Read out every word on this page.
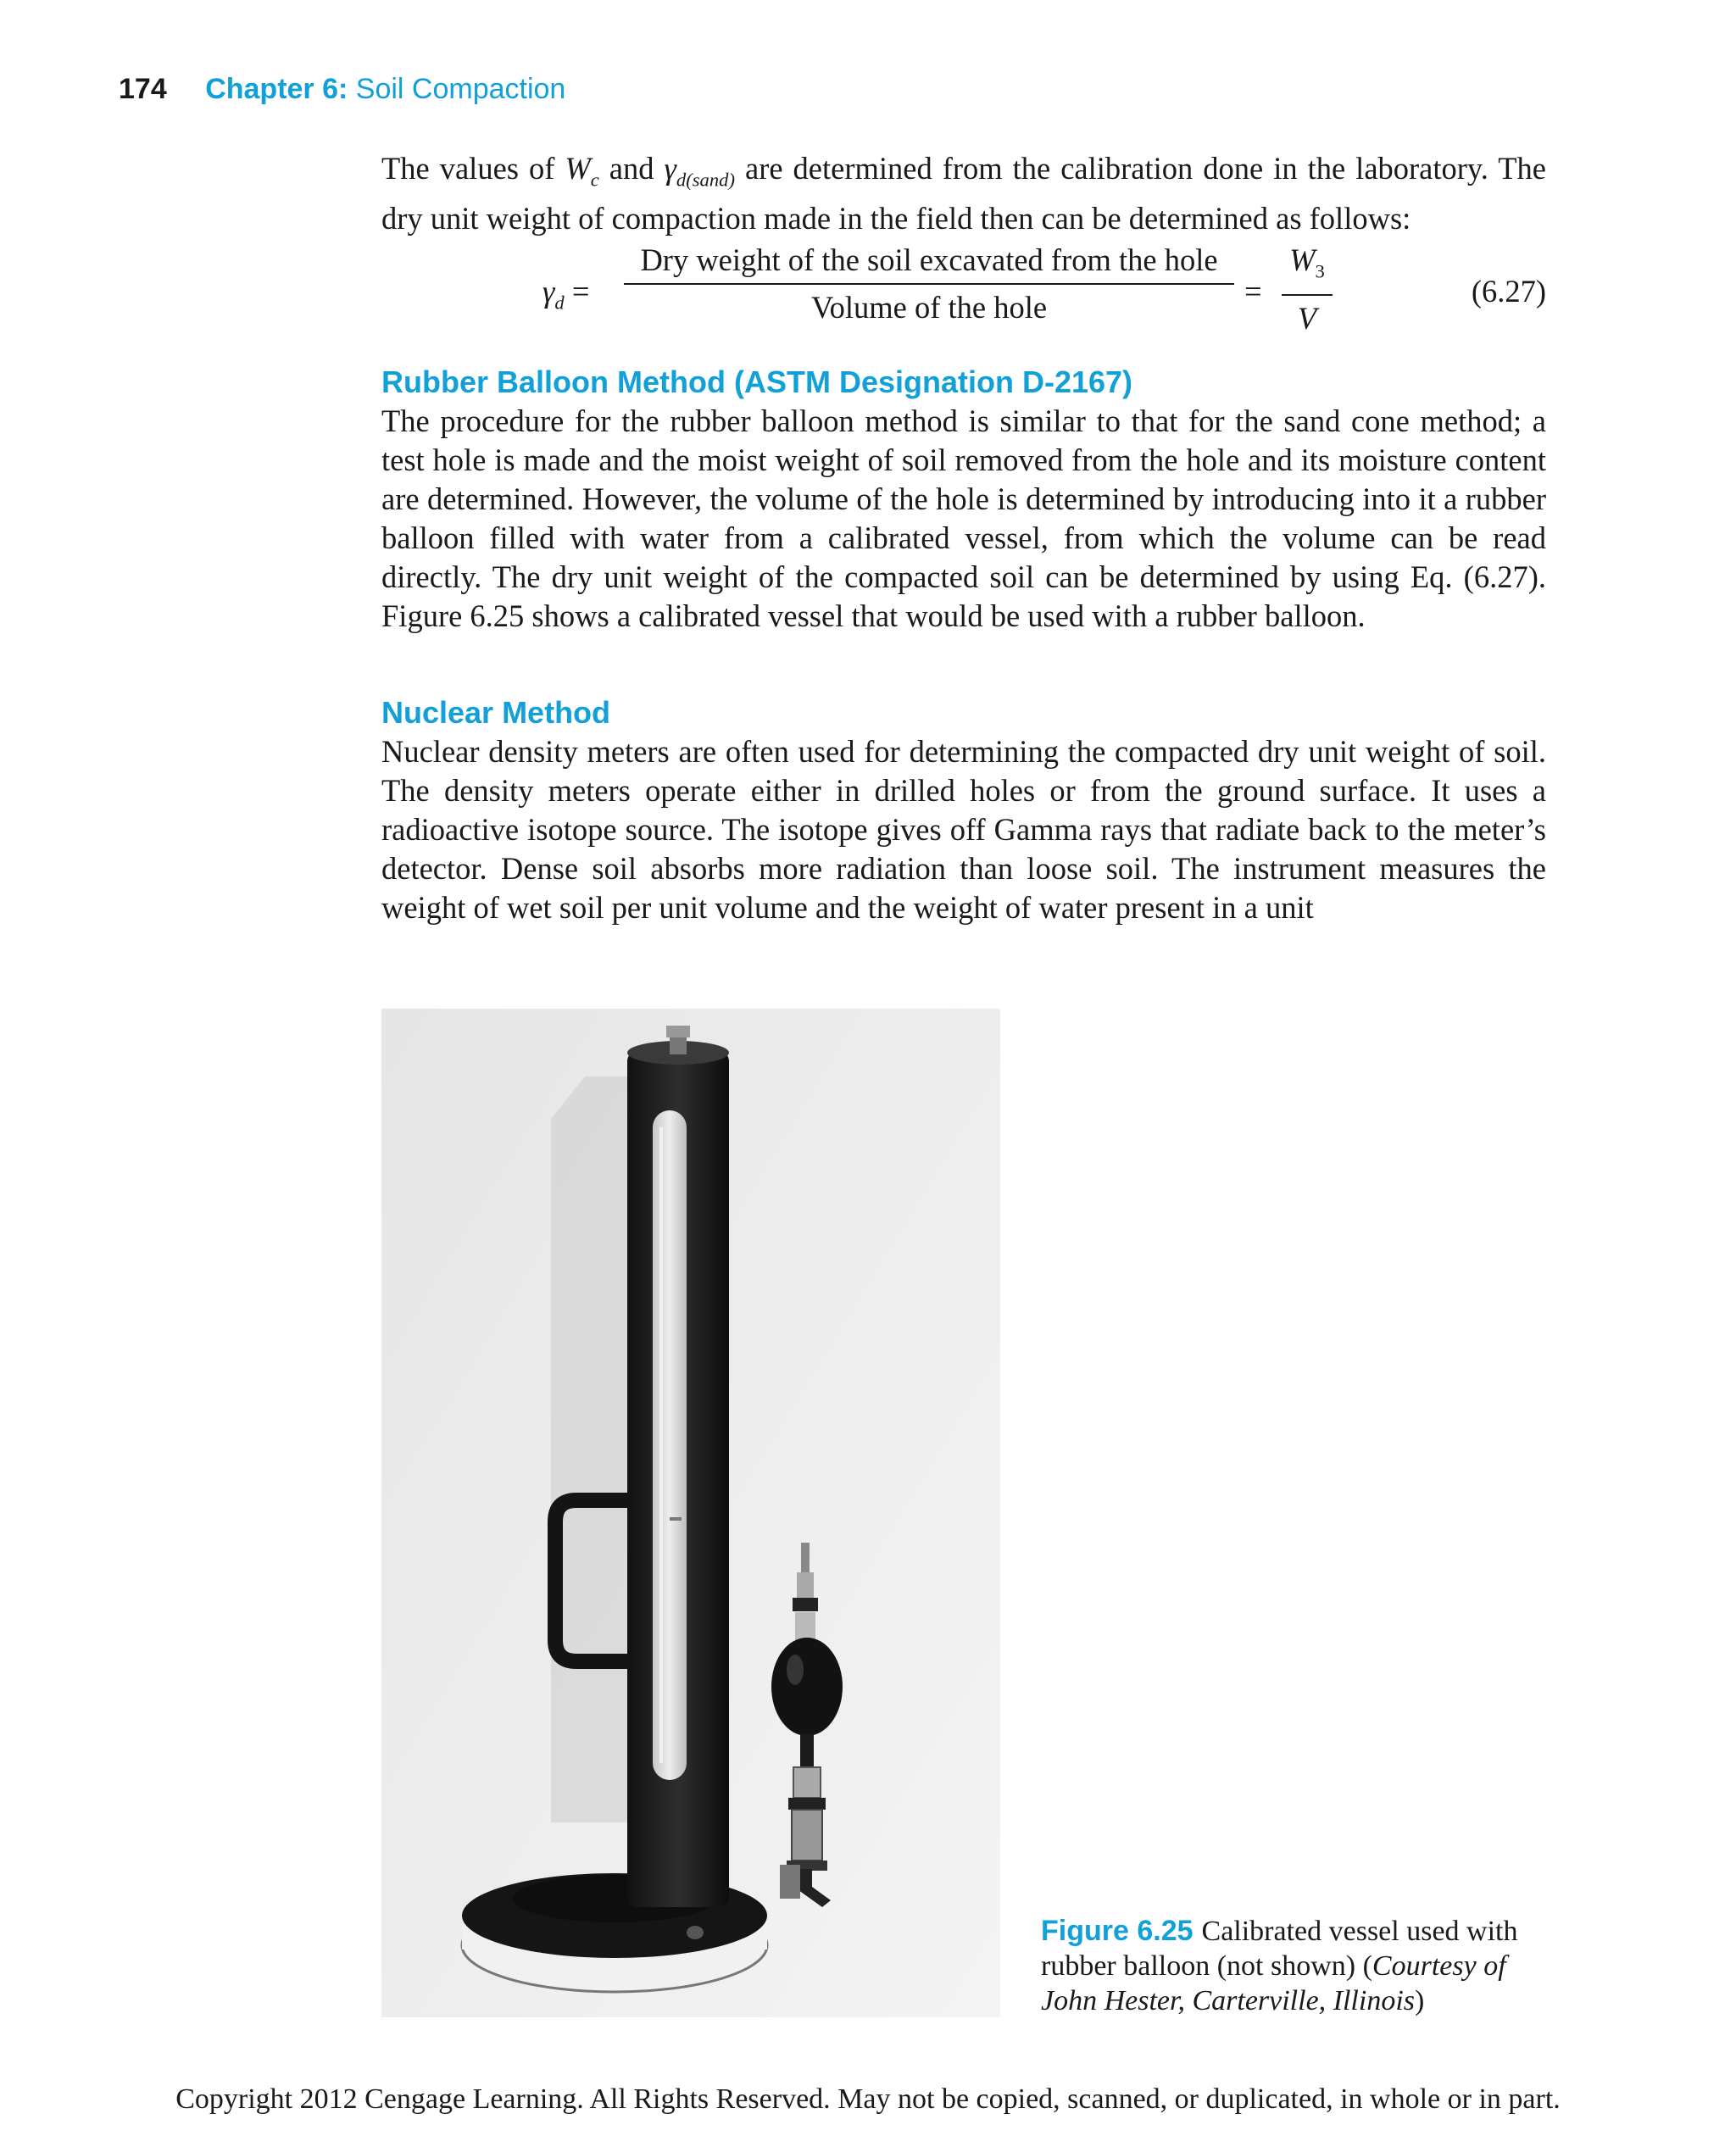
174 Chapter 6: Soil Compaction

The values of $W_c$ and $\gamma_{d(sand)}$ are determined from the calibration done in the laboratory. The dry unit weight of compaction made in the field then can be determined as follows:

$\gamma_d$ =
Dry weight of the soil excavated from the hole
Volume of the hole	=
$W_3$
V
(6.27)
Rubber Balloon Method (ASTM Designation D-2167)

The procedure for the rubber balloon method is similar to that for the sand cone method; a test hole is made and the moist weight of soil removed from the hole and its moisture content are determined. However, the volume of the hole is determined by introducing into it a rubber balloon filled with water from a calibrated vessel, from which the volume can be read directly. The dry unit weight of the compacted soil can be determined by using Eq. (6.27). Figure 6.25 shows a calibrated vessel that would be used with a rubber balloon.

Nuclear Method

Nuclear density meters are often used for determining the compacted dry unit weight of soil. The density meters operate either in drilled holes or from the ground surface. It uses a radioactive isotope source. The isotope gives off Gamma rays that radiate back to the meter’s detector. Dense soil absorbs more radiation than loose soil. The instrument measures the weight of wet soil per unit volume and the weight of water present in a unit

Figure 6.25 Calibrated vessel used with rubber balloon (not shown) (Courtesy of John Hester, Carterville, Illinois)
Copyright 2012 Cengage Learning. All Rights Reserved. May not be copied, scanned, or duplicated, in whole or in part.
